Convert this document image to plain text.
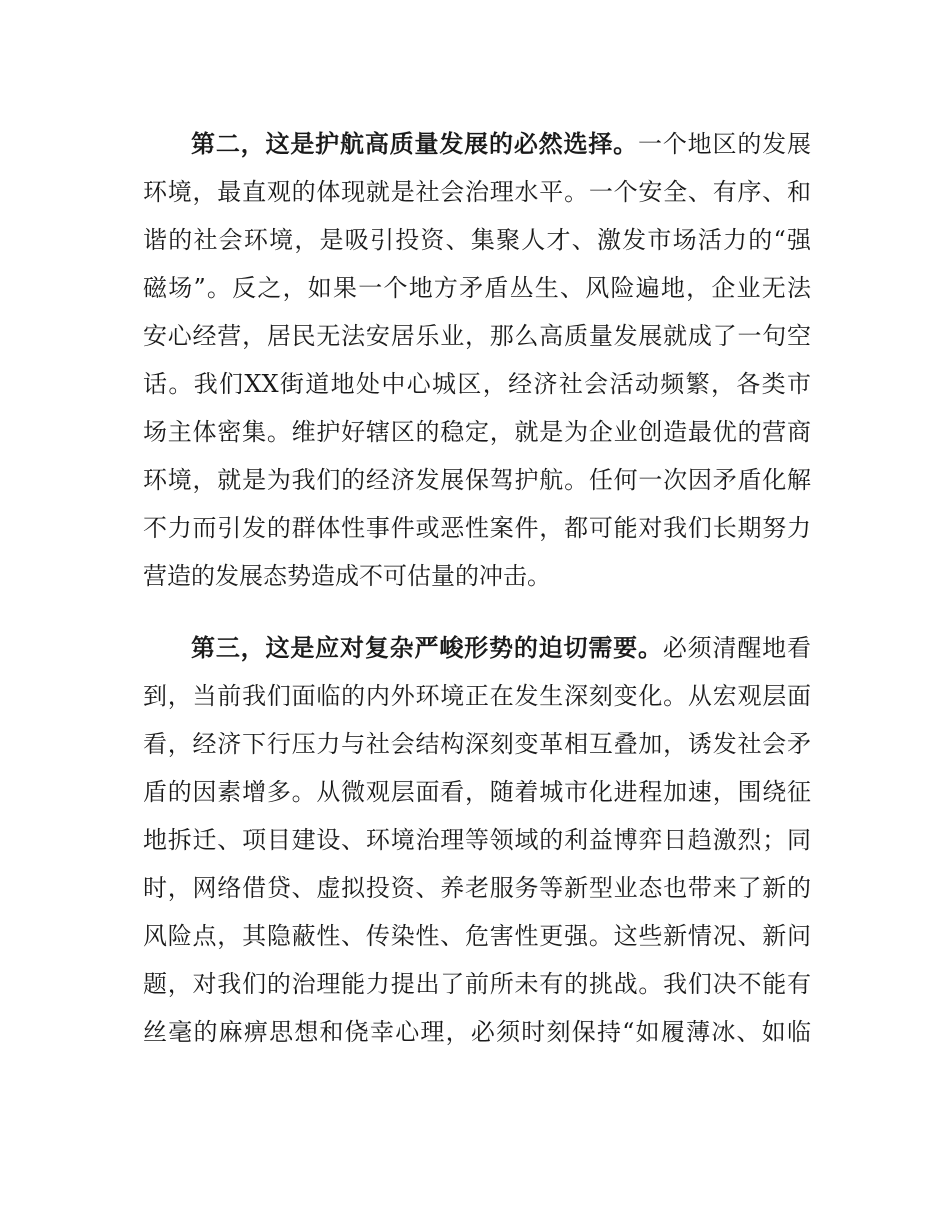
第二，这是护航高质量发展的必然选择。一个地区的发展
环境，最直观的体现就是社会治理水平。一个安全、有序、和
谐的社会环境，是吸引投资、集聚人才、激发市场活力的“强
磁场”。反之，如果一个地方矛盾丛生、风险遍地，企业无法
安心经营，居民无法安居乐业，那么高质量发展就成了一句空
话。我们XX街道地处中心城区，经济社会活动频繁，各类市
场主体密集。维护好辖区的稳定，就是为企业创造最优的营商
环境，就是为我们的经济发展保驾护航。任何一次因矛盾化解
不力而引发的群体性事件或恶性案件，都可能对我们长期努力
营造的发展态势造成不可估量的冲击。
第三，这是应对复杂严峻形势的迫切需要。必须清醒地看
到，当前我们面临的内外环境正在发生深刻变化。从宏观层面
看，经济下行压力与社会结构深刻变革相互叠加，诱发社会矛
盾的因素增多。从微观层面看，随着城市化进程加速，围绕征
地拆迁、项目建设、环境治理等领域的利益博弈日趋激烈；同
时，网络借贷、虚拟投资、养老服务等新型业态也带来了新的
风险点，其隐蔽性、传染性、危害性更强。这些新情况、新问
题，对我们的治理能力提出了前所未有的挑战。我们决不能有
丝毫的麻痹思想和侥幸心理，必须时刻保持“如履薄冰、如临
